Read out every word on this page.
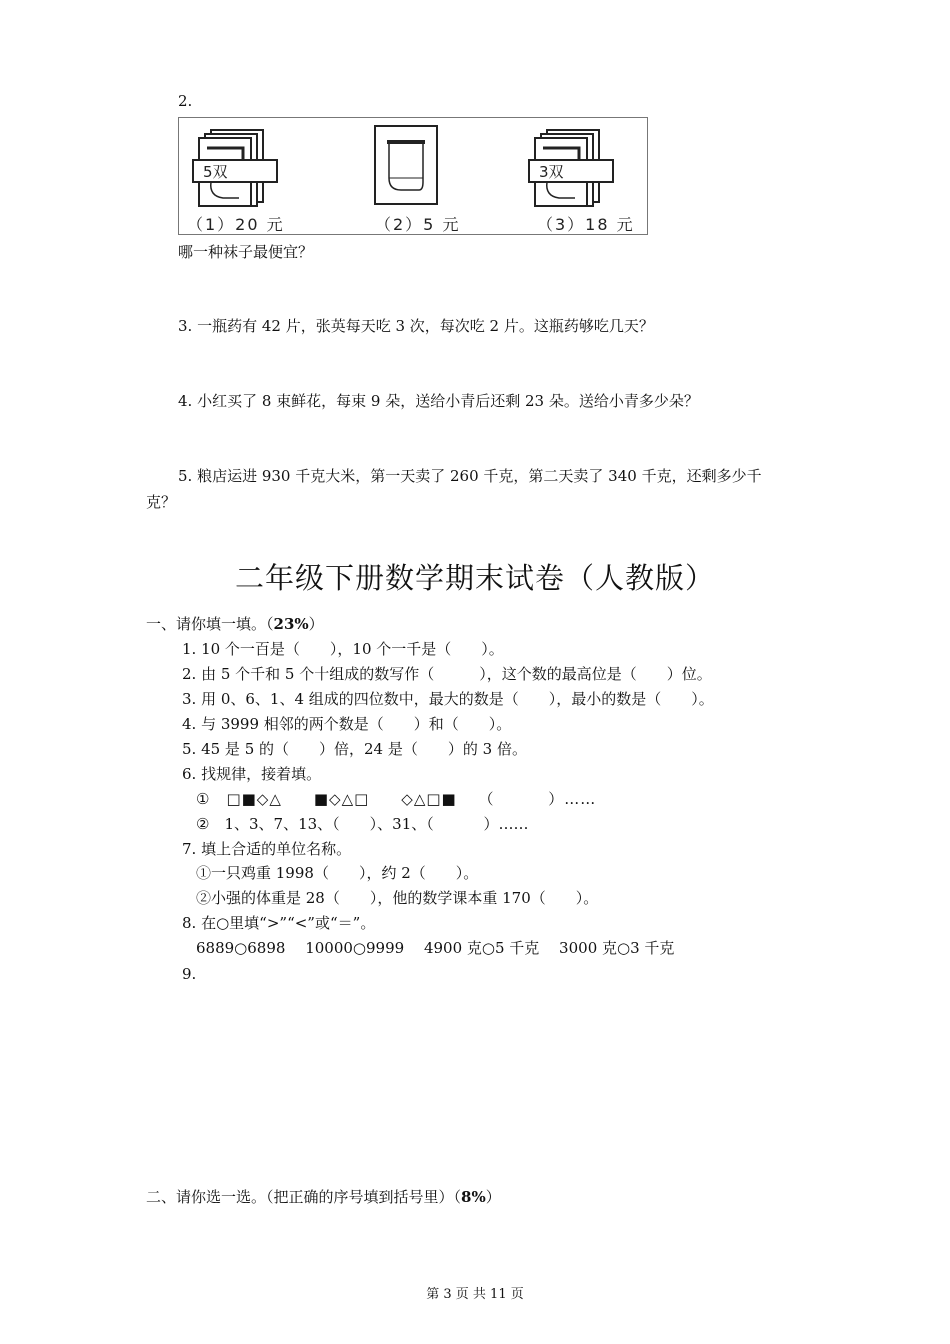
2.
5双	3双
（1）20 元	（2）5 元	（3）18 元
哪一种袜子最便宜？
3. 一瓶药有 42 片，张英每天吃 3 次，每次吃 2 片。这瓶药够吃几天？
4. 小红买了 8 束鲜花，每束 9 朵，送给小青后还剩 23 朵。送给小青多少朵？
5. 粮店运进 930 千克大米，第一天卖了 260 千克，第二天卖了 340 千克，还剩多少千
克？
二年级下册数学期末试卷（人教版）
一、请你填一填。（23%）
1. 10 个一百是（　　），10 个一千是（　　）。
2. 由 5 个千和 5 个十组成的数写作（　　　），这个数的最高位是（　　）位。
3. 用 0、6、1、4 组成的四位数中，最大的数是（　　），最小的数是（　　）。
4. 与 3999 相邻的两个数是（　　）和（　　）。
5. 45 是 5 的（　　）倍，24 是（　　）的 3 倍。
6. 找规律，接着填。
①　□■◇△　　■◇△□　　◇△□■　 （　　　 ）……
②　1、3、7、13、（　　）、31、（　　　 ）……
7. 填上合适的单位名称。
①一只鸡重 1998（　　），约 2（　　）。
②小强的体重是 28（　　），他的数学课本重 170（　　）。
8. 在○里填“>”“<”或“＝”。
6889○6898　 10000○9999　 4900 克○5 千克　 3000 克○3 千克
9.
二、请你选一选。（把正确的序号填到括号里）（8%）
第 3 页 共 11 页
